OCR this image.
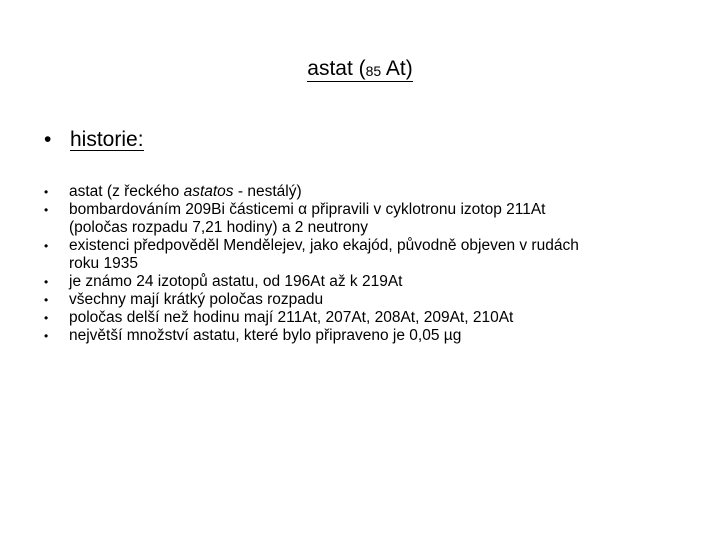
astat (85 At)
• historie:
• astat (z řeckého astatos - nestálý)
• bombardováním 209Bi částicemi α připravili v cyklotronu izotop 211At
(poločas rozpadu 7,21 hodiny) a 2 neutrony
• existenci předpověděl Mendělejev, jako ekajód, původně objeven v rudách
roku 1935
• je známo 24 izotopů astatu, od 196At až k 219At
• všechny mají krátký poločas rozpadu
• poločas delší než hodinu mají 211At, 207At, 208At, 209At, 210At
• největší množství astatu, které bylo připraveno je 0,05 µg
